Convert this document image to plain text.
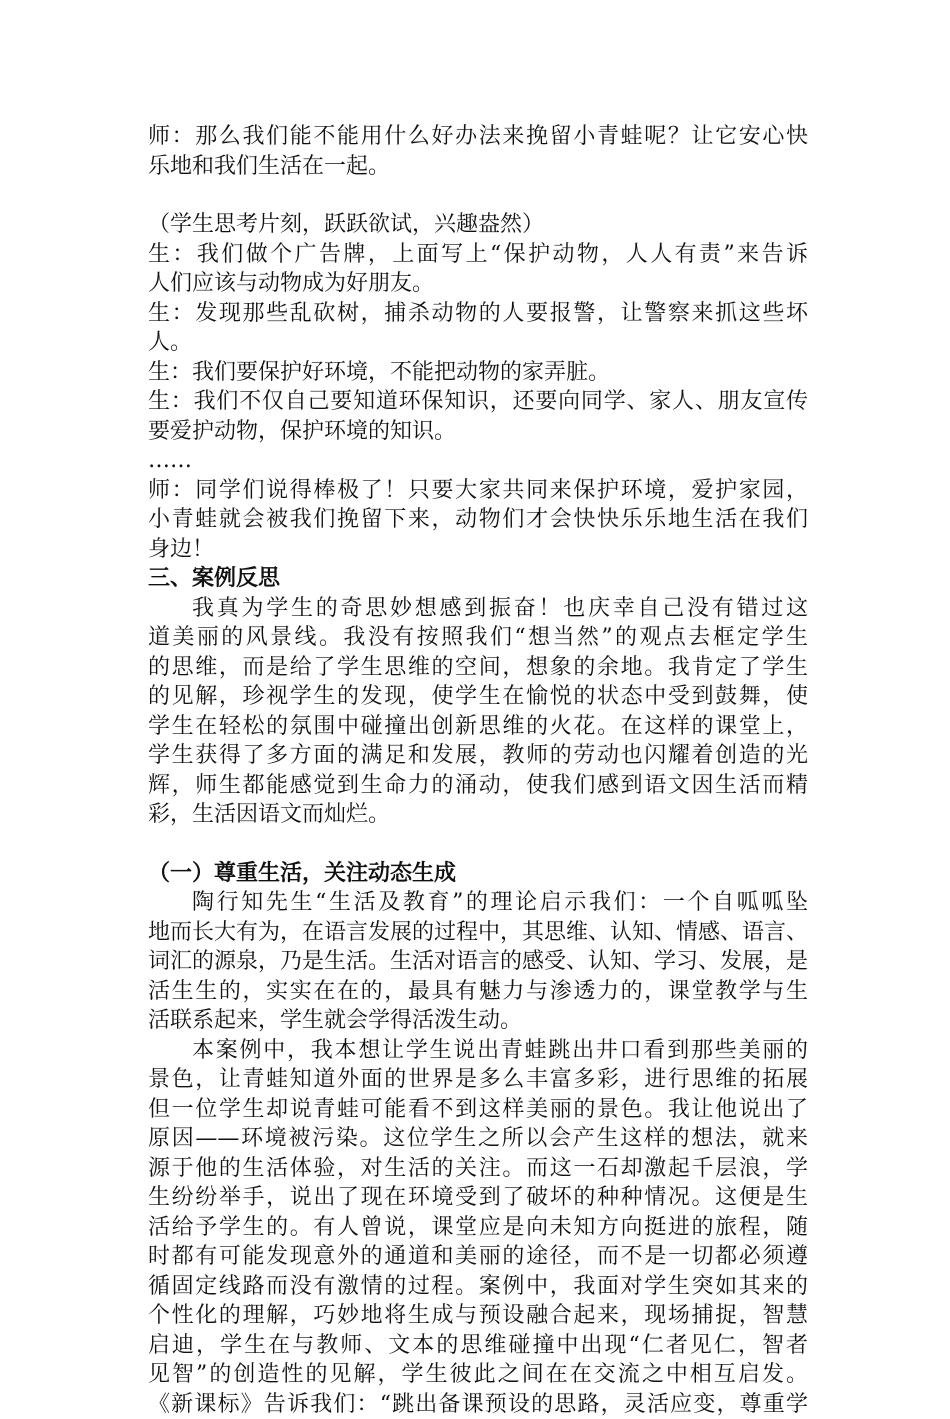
师：那么我们能不能用什么好办法来挽留小青蛙呢？让它安心快

乐地和我们生活在一起。

（学生思考片刻，跃跃欲试，兴趣盎然）

生：我们做个广告牌，上面写上“保护动物，人人有责”来告诉

人们应该与动物成为好朋友。

生：发现那些乱砍树，捕杀动物的人要报警，让警察来抓这些坏

人。

生：我们要保护好环境，不能把动物的家弄脏。

生：我们不仅自己要知道环保知识，还要向同学、家人、朋友宣传

要爱护动物，保护环境的知识。

……

师：同学们说得棒极了！只要大家共同来保护环境，爱护家园，

小青蛙就会被我们挽留下来，动物们才会快快乐乐地生活在我们

身边！

三、案例反思

我真为学生的奇思妙想感到振奋！也庆幸自己没有错过这

道美丽的风景线。我没有按照我们“想当然”的观点去框定学生

的思维，而是给了学生思维的空间，想象的余地。我肯定了学生

的见解，珍视学生的发现，使学生在愉悦的状态中受到鼓舞，使

学生在轻松的氛围中碰撞出创新思维的火花。在这样的课堂上，

学生获得了多方面的满足和发展，教师的劳动也闪耀着创造的光

辉，师生都能感觉到生命力的涌动，使我们感到语文因生活而精

彩，生活因语文而灿烂。

（一）尊重生活，关注动态生成

陶行知先生“生活及教育”的理论启示我们：一个自呱呱坠

地而长大有为，在语言发展的过程中，其思维、认知、情感、语言、

词汇的源泉，乃是生活。生活对语言的感受、认知、学习、发展，是

活生生的，实实在在的，最具有魅力与渗透力的，课堂教学与生

活联系起来，学生就会学得活泼生动。

本案例中，我本想让学生说出青蛙跳出井口看到那些美丽的

景色，让青蛙知道外面的世界是多么丰富多彩，进行思维的拓展

但一位学生却说青蛙可能看不到这样美丽的景色。我让他说出了

原因——环境被污染。这位学生之所以会产生这样的想法，就来

源于他的生活体验，对生活的关注。而这一石却激起千层浪，学

生纷纷举手，说出了现在环境受到了破坏的种种情况。这便是生

活给予学生的。有人曾说，课堂应是向未知方向挺进的旅程，随

时都有可能发现意外的通道和美丽的途径，而不是一切都必须遵

循固定线路而没有激情的过程。案例中，我面对学生突如其来的

个性化的理解，巧妙地将生成与预设融合起来，现场捕捉，智慧

启迪，学生在与教师、文本的思维碰撞中出现“仁者见仁，智者

见智”的创造性的见解，学生彼此之间在在交流之中相互启发。

《新课标》告诉我们：“跳出备课预设的思路，灵活应变，尊重学
